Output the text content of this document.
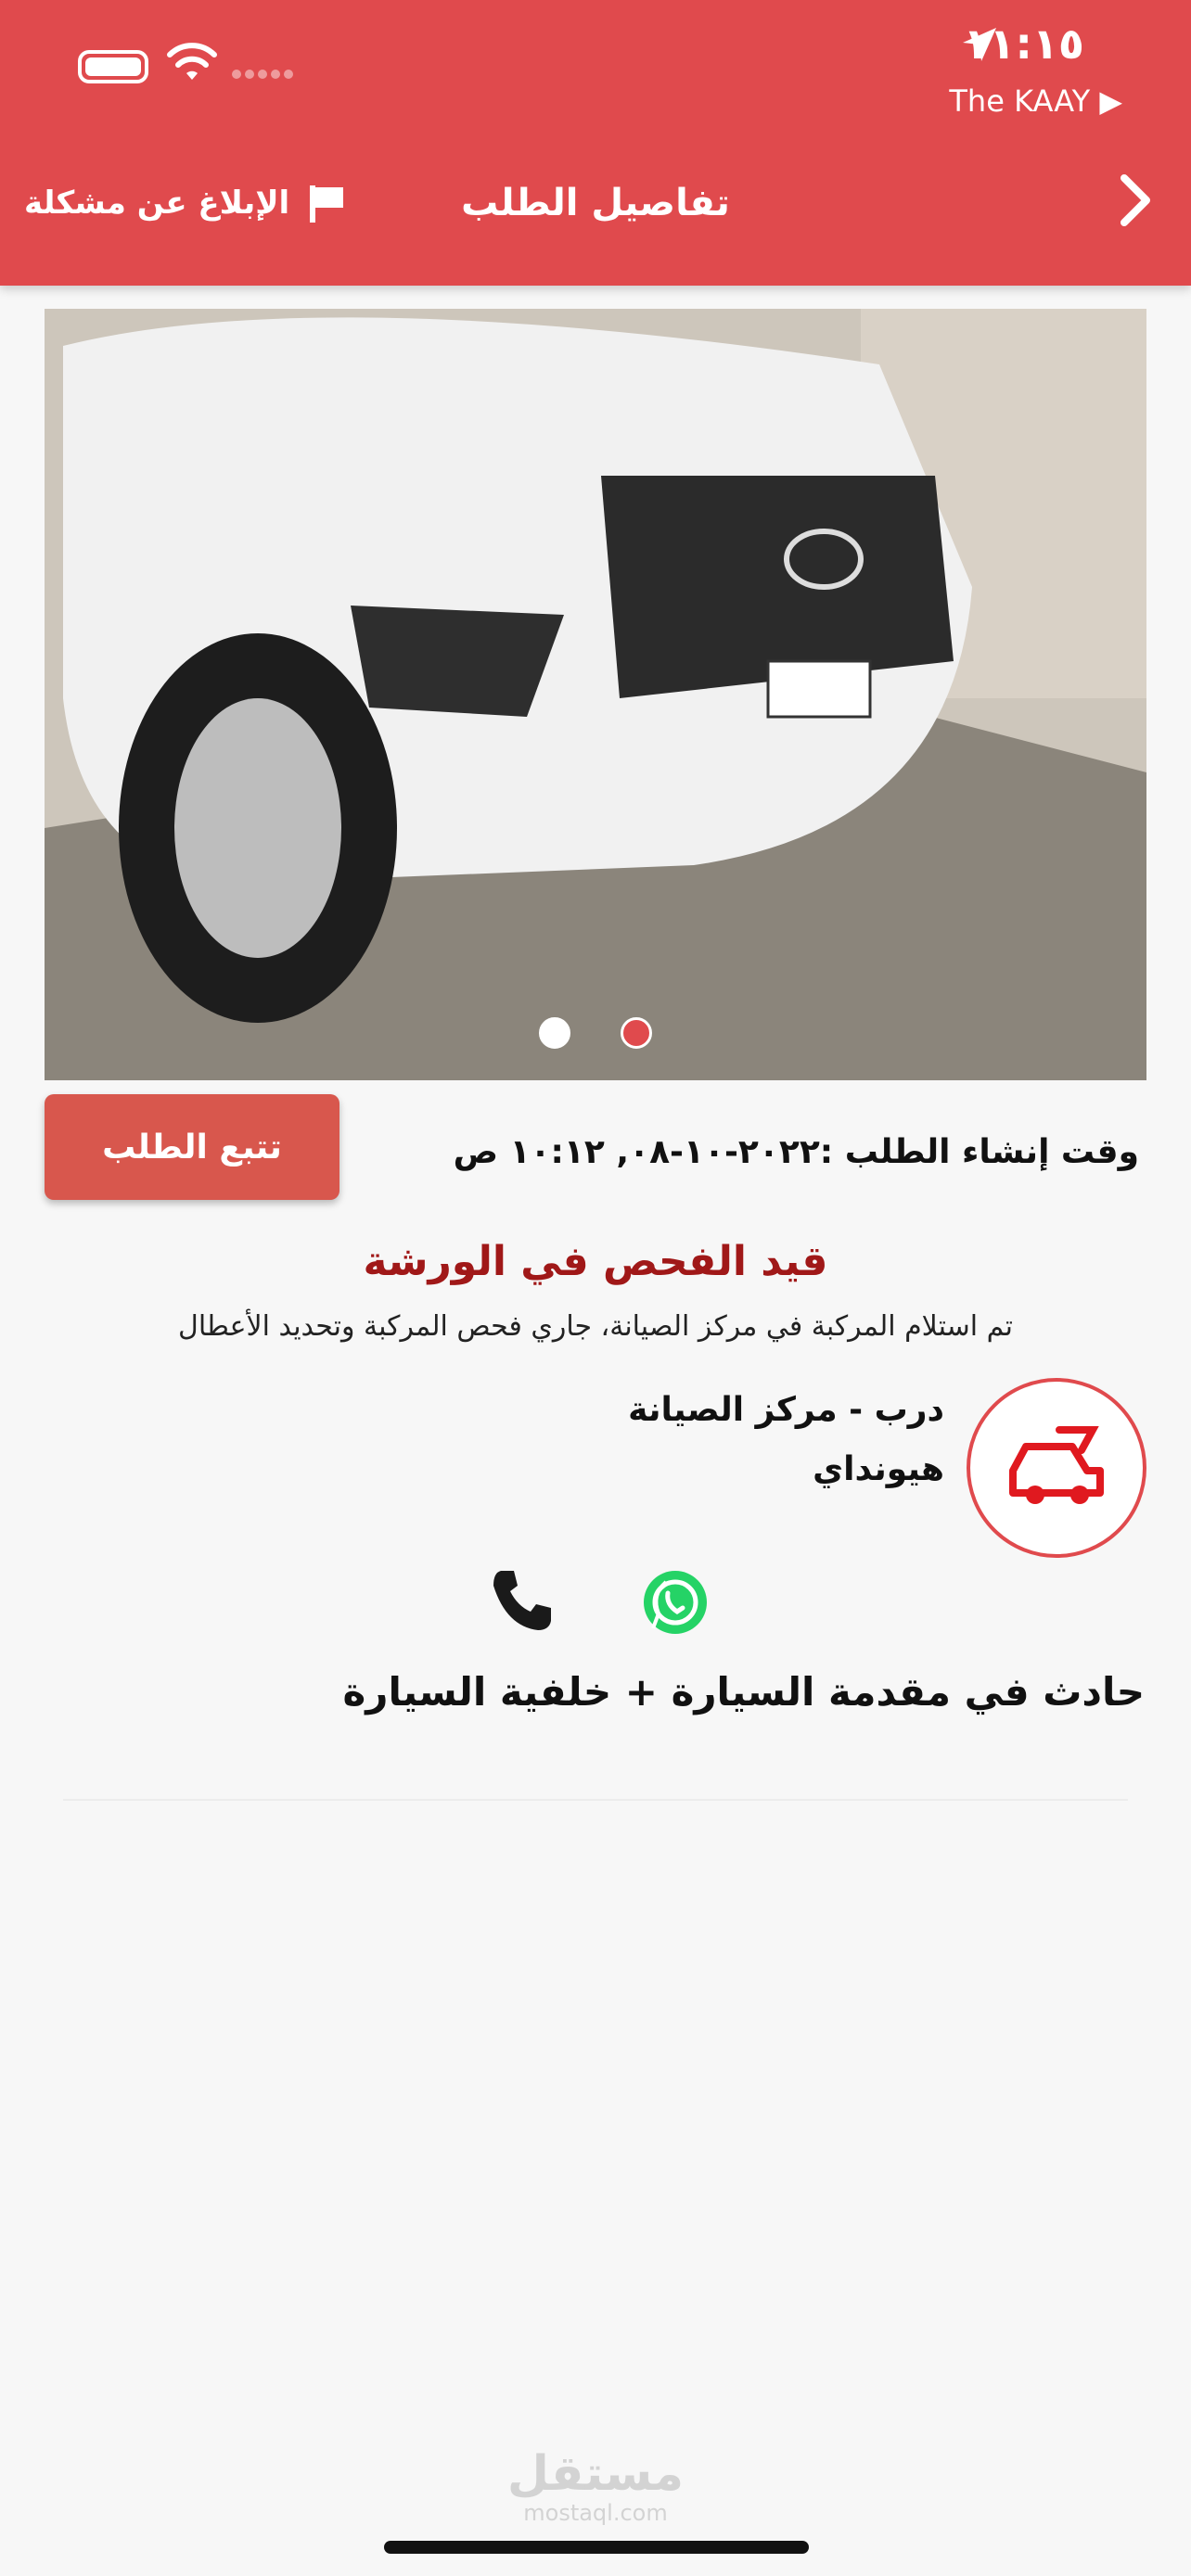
١١:١٥
The KAAY ▶
تفاصيل الطلب
الإبلاغ عن مشكلة

تتبع الطلب	وقت إنشاء الطلب :٢٠٢٢-١٠-٠٨, ١٠:١٢ ص
قيد الفحص في الورشة
تم استلام المركبة في مركز الصيانة، جاري فحص المركبة وتحديد الأعطال
درب - مركز الصيانة
هيونداي
حادث في مقدمة السيارة + خلفية السيارة
مستقل
mostaql.com
